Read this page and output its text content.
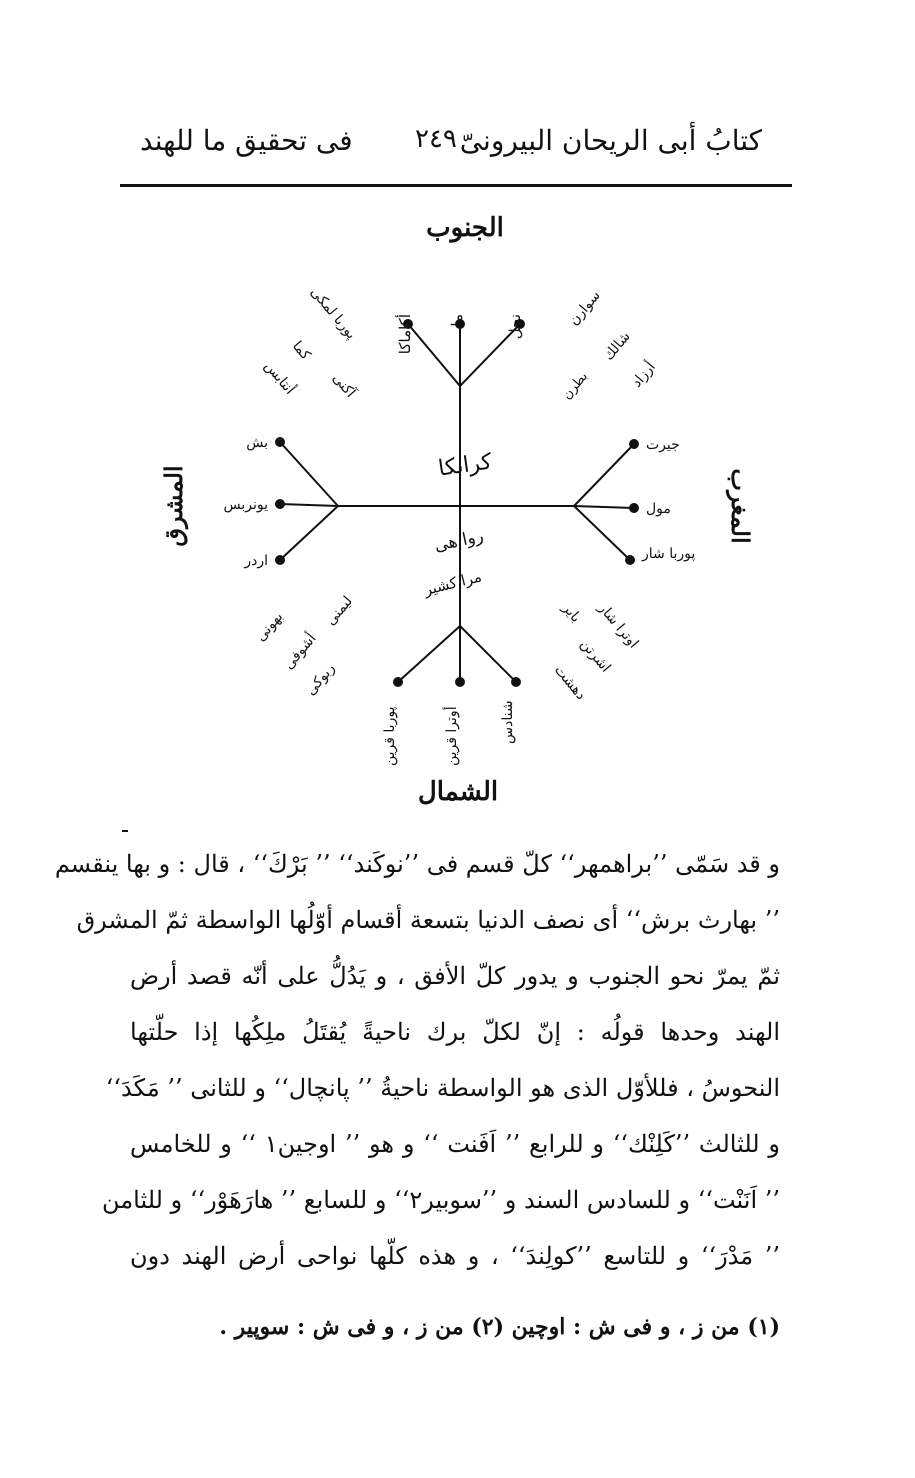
كتابُ أبى الريحان البيرونىّ
٢٤٩
فى تحقيق ما للهند
الجنوب
الشمال
المشرق	المغرب
كرانكا
روا هى
مرا كشير
أكاماكا ما	نجل
بش
يونربس
اردر
جيرت
مول
پوربا شار
پوربا قرين	أوترا قرين	شنادس
سوارن
شالك
أرزاد
بطرن
پوربا لمكى
كما
أنتابس آكنى
بهونى	ليمنى
أشوفى
ربوكى
اوترا شار
باير
اشرتن
دهشت

و قد سَمّى ’’براهمهر‘‘ كلّ قسم فى ’’نوكَند‘‘ ’’ بَرْكَ‘‘ ، قال : و بها ينقسم

’’ بهارث برش‘‘ أى نصف الدنيا بتسعة أقسام أوّلُها الواسطة ثمّ المشرق

ثمّ يمرّ نحو الجنوب و يدور كلّ الأفق ، و يَدُلُّ على أنّه قصد أرض

الهند وحدها قولُه : إنّ لكلّ برك ناحيةً يُقتَلُ ملِكُها إذا حلّتها

النحوسُ ، فللأوّل الذى هو الواسطة ناحيةُ ’’ پانچال‘‘ و للثانى ’’ مَكَدَ‘‘

و للثالث ’’كَلِنْك‘‘ و للرابع ’’ اَفَنت ‘‘ و هو ’’ اوجين١ ‘‘ و للخامس

’’ اَنَنْت‘‘ و للسادس السند و ’’سوبير٢‘‘ و للسابع ’’ هارَهَوْر‘‘ و للثامن

’’ مَدْرَ‘‘ و للتاسع ’’كولِندَ‘‘ ، و هذه كلّها نواحى أرض الهند دون

(١) من ز ، و فى ش : اوچين (٢) من ز ، و فى ش : سوپير .
